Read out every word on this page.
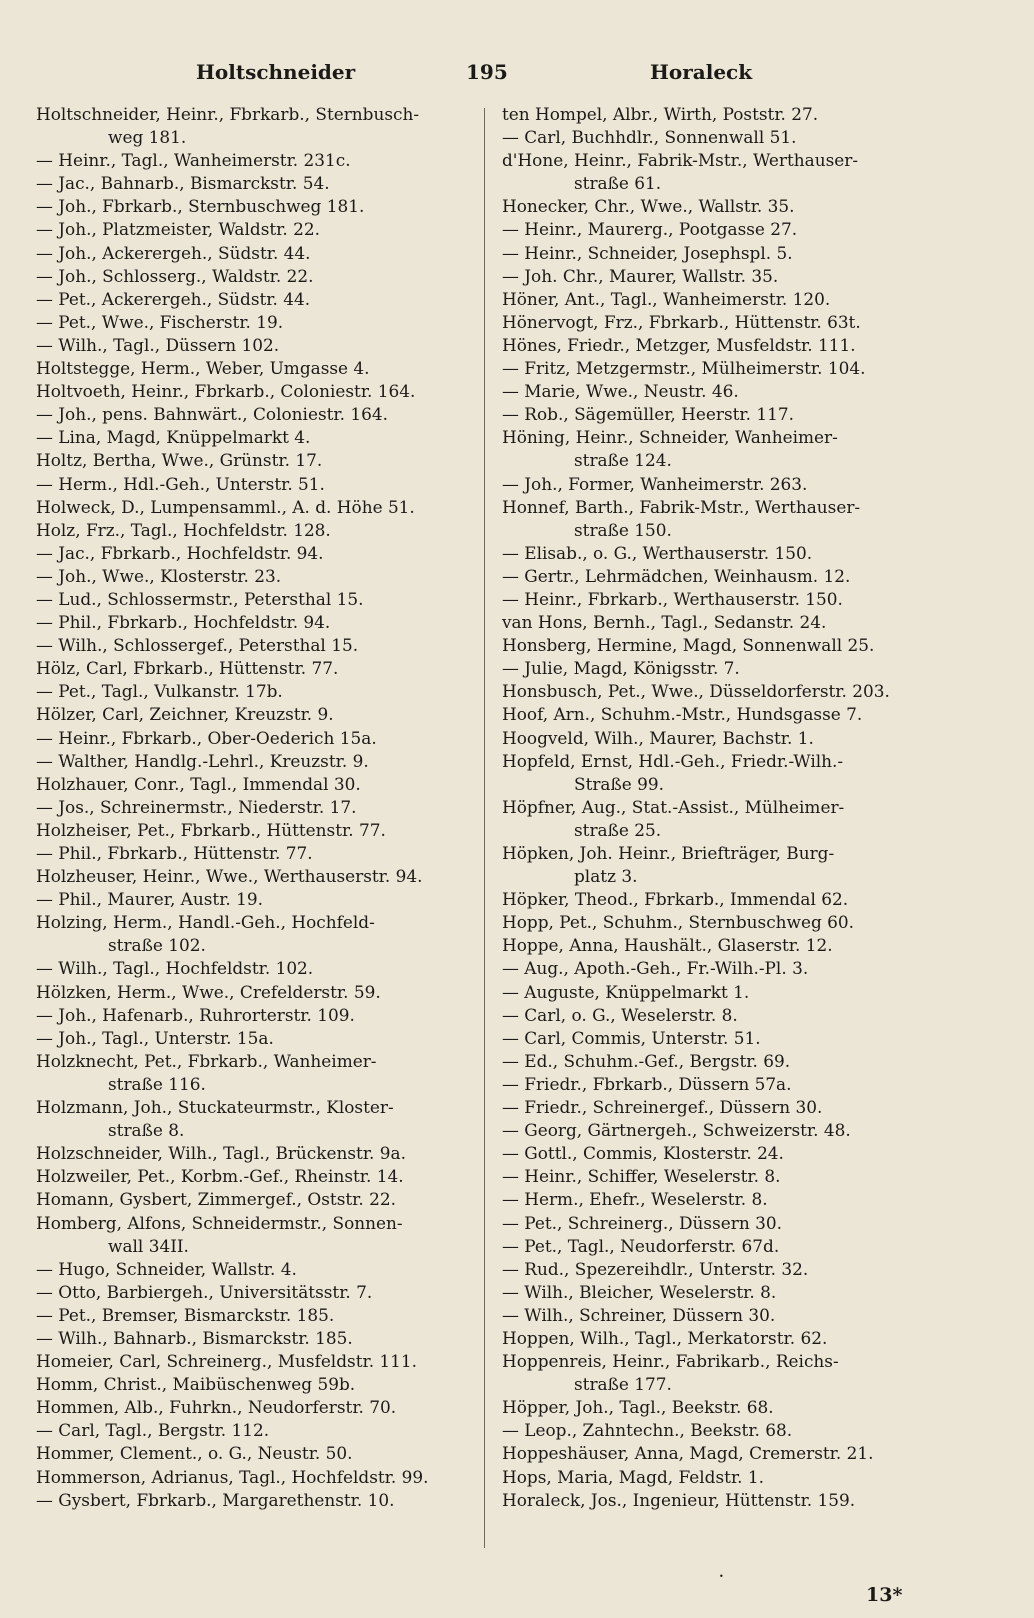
Holtschneider	195	Horaleck
Holtschneider, Heinr., Fbrkarb., Sternbusch-
weg 181.
— Heinr., Tagl., Wanheimerstr. 231c.
— Jac., Bahnarb., Bismarckstr. 54.
— Joh., Fbrkarb., Sternbuschweg 181.
— Joh., Platzmeister, Waldstr. 22.
— Joh., Ackerergeh., Südstr. 44.
— Joh., Schlosserg., Waldstr. 22.
— Pet., Ackerergeh., Südstr. 44.
— Pet., Wwe., Fischerstr. 19.
— Wilh., Tagl., Düssern 102.
Holtstegge, Herm., Weber, Umgasse 4.
Holtvoeth, Heinr., Fbrkarb., Coloniestr. 164.
— Joh., pens. Bahnwärt., Coloniestr. 164.
— Lina, Magd, Knüppelmarkt 4.
Holtz, Bertha, Wwe., Grünstr. 17.
— Herm., Hdl.-Geh., Unterstr. 51.
Holweck, D., Lumpensamml., A. d. Höhe 51.
Holz, Frz., Tagl., Hochfeldstr. 128.
— Jac., Fbrkarb., Hochfeldstr. 94.
— Joh., Wwe., Klosterstr. 23.
— Lud., Schlossermstr., Petersthal 15.
— Phil., Fbrkarb., Hochfeldstr. 94.
— Wilh., Schlossergef., Petersthal 15.
Hölz, Carl, Fbrkarb., Hüttenstr. 77.
— Pet., Tagl., Vulkanstr. 17b.
Hölzer, Carl, Zeichner, Kreuzstr. 9.
— Heinr., Fbrkarb., Ober-Oederich 15a.
— Walther, Handlg.-Lehrl., Kreuzstr. 9.
Holzhauer, Conr., Tagl., Immendal 30.
— Jos., Schreinermstr., Niederstr. 17.
Holzheiser, Pet., Fbrkarb., Hüttenstr. 77.
— Phil., Fbrkarb., Hüttenstr. 77.
Holzheuser, Heinr., Wwe., Werthauserstr. 94.
— Phil., Maurer, Austr. 19.
Holzing, Herm., Handl.-Geh., Hochfeld-
straße 102.
— Wilh., Tagl., Hochfeldstr. 102.
Hölzken, Herm., Wwe., Crefelderstr. 59.
— Joh., Hafenarb., Ruhrorterstr. 109.
— Joh., Tagl., Unterstr. 15a.
Holzknecht, Pet., Fbrkarb., Wanheimer-
straße 116.
Holzmann, Joh., Stuckateurmstr., Kloster-
straße 8.
Holzschneider, Wilh., Tagl., Brückenstr. 9a.
Holzweiler, Pet., Korbm.-Gef., Rheinstr. 14.
Homann, Gysbert, Zimmergef., Oststr. 22.
Homberg, Alfons, Schneidermstr., Sonnen-
wall 34II.
— Hugo, Schneider, Wallstr. 4.
— Otto, Barbiergeh., Universitätsstr. 7.
— Pet., Bremser, Bismarckstr. 185.
— Wilh., Bahnarb., Bismarckstr. 185.
Homeier, Carl, Schreinerg., Musfeldstr. 111.
Homm, Christ., Maibüschenweg 59b.
Hommen, Alb., Fuhrkn., Neudorferstr. 70.
— Carl, Tagl., Bergstr. 112.
Hommer, Clement., o. G., Neustr. 50.
Hommerson, Adrianus, Tagl., Hochfeldstr. 99.
— Gysbert, Fbrkarb., Margarethenstr. 10.
ten Hompel, Albr., Wirth, Poststr. 27.
— Carl, Buchhdlr., Sonnenwall 51.
d'Hone, Heinr., Fabrik-Mstr., Werthauser-
straße 61.
Honecker, Chr., Wwe., Wallstr. 35.
— Heinr., Maurerg., Pootgasse 27.
— Heinr., Schneider, Josephspl. 5.
— Joh. Chr., Maurer, Wallstr. 35.
Höner, Ant., Tagl., Wanheimerstr. 120.
Hönervogt, Frz., Fbrkarb., Hüttenstr. 63t.
Hönes, Friedr., Metzger, Musfeldstr. 111.
— Fritz, Metzgermstr., Mülheimerstr. 104.
— Marie, Wwe., Neustr. 46.
— Rob., Sägemüller, Heerstr. 117.
Höning, Heinr., Schneider, Wanheimer-
straße 124.
— Joh., Former, Wanheimerstr. 263.
Honnef, Barth., Fabrik-Mstr., Werthauser-
straße 150.
— Elisab., o. G., Werthauserstr. 150.
— Gertr., Lehrmädchen, Weinhausm. 12.
— Heinr., Fbrkarb., Werthauserstr. 150.
van Hons, Bernh., Tagl., Sedanstr. 24.
Honsberg, Hermine, Magd, Sonnenwall 25.
— Julie, Magd, Königsstr. 7.
Honsbusch, Pet., Wwe., Düsseldorferstr. 203.
Hoof, Arn., Schuhm.-Mstr., Hundsgasse 7.
Hoogveld, Wilh., Maurer, Bachstr. 1.
Hopfeld, Ernst, Hdl.-Geh., Friedr.-Wilh.-
Straße 99.
Höpfner, Aug., Stat.-Assist., Mülheimer-
straße 25.
Höpken, Joh. Heinr., Briefträger, Burg-
platz 3.
Höpker, Theod., Fbrkarb., Immendal 62.
Hopp, Pet., Schuhm., Sternbuschweg 60.
Hoppe, Anna, Haushält., Glaserstr. 12.
— Aug., Apoth.-Geh., Fr.-Wilh.-Pl. 3.
— Auguste, Knüppelmarkt 1.
— Carl, o. G., Weselerstr. 8.
— Carl, Commis, Unterstr. 51.
— Ed., Schuhm.-Gef., Bergstr. 69.
— Friedr., Fbrkarb., Düssern 57a.
— Friedr., Schreinergef., Düssern 30.
— Georg, Gärtnergeh., Schweizerstr. 48.
— Gottl., Commis, Klosterstr. 24.
— Heinr., Schiffer, Weselerstr. 8.
— Herm., Ehefr., Weselerstr. 8.
— Pet., Schreinerg., Düssern 30.
— Pet., Tagl., Neudorferstr. 67d.
— Rud., Spezereihdlr., Unterstr. 32.
— Wilh., Bleicher, Weselerstr. 8.
— Wilh., Schreiner, Düssern 30.
Hoppen, Wilh., Tagl., Merkatorstr. 62.
Hoppenreis, Heinr., Fabrikarb., Reichs-
straße 177.
Höpper, Joh., Tagl., Beekstr. 68.
— Leop., Zahntechn., Beekstr. 68.
Hoppeshäuser, Anna, Magd, Cremerstr. 21.
Hops, Maria, Magd, Feldstr. 1.
Horaleck, Jos., Ingenieur, Hüttenstr. 159.
•
13*
